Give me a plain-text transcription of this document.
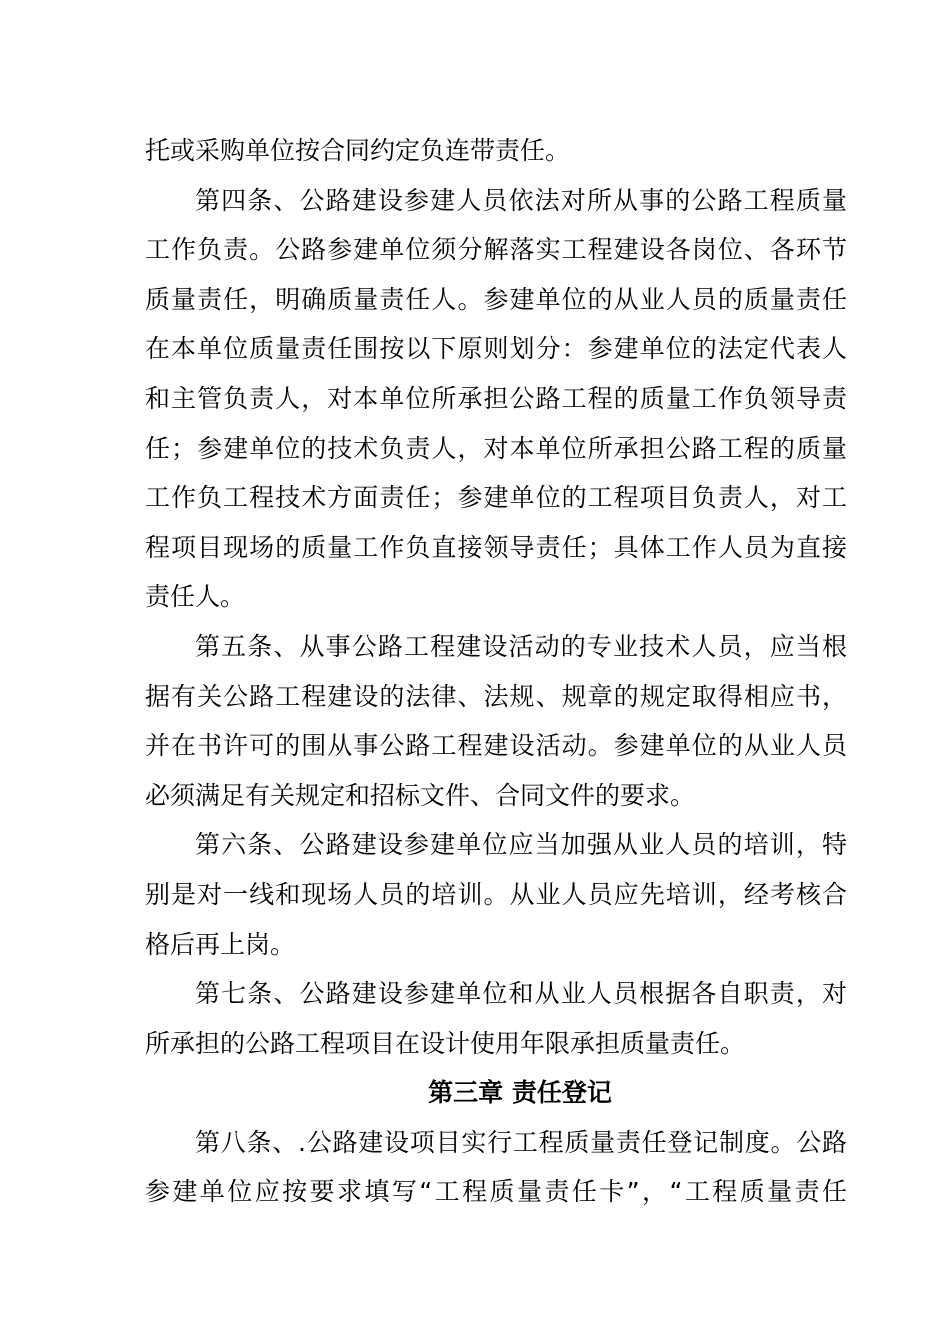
托或采购单位按合同约定负连带责任。
第四条、公路建设参建人员依法对所从事的公路工程质量
工作负责。公路参建单位须分解落实工程建设各岗位、各环节
质量责任，明确质量责任人。参建单位的从业人员的质量责任
在本单位质量责任围按以下原则划分：参建单位的法定代表人
和主管负责人，对本单位所承担公路工程的质量工作负领导责
任；参建单位的技术负责人，对本单位所承担公路工程的质量
工作负工程技术方面责任；参建单位的工程项目负责人，对工
程项目现场的质量工作负直接领导责任；具体工作人员为直接
责任人。
第五条、从事公路工程建设活动的专业技术人员，应当根
据有关公路工程建设的法律、法规、规章的规定取得相应书，
并在书许可的围从事公路工程建设活动。参建单位的从业人员
必须满足有关规定和招标文件、合同文件的要求。
第六条、公路建设参建单位应当加强从业人员的培训，特
别是对一线和现场人员的培训。从业人员应先培训，经考核合
格后再上岗。
第七条、公路建设参建单位和从业人员根据各自职责，对
所承担的公路工程项目在设计使用年限承担质量责任。
第三章 责任登记
第八条、.公路建设项目实行工程质量责任登记制度。公路
参建单位应按要求填写“工程质量责任卡”，“工程质量责任
